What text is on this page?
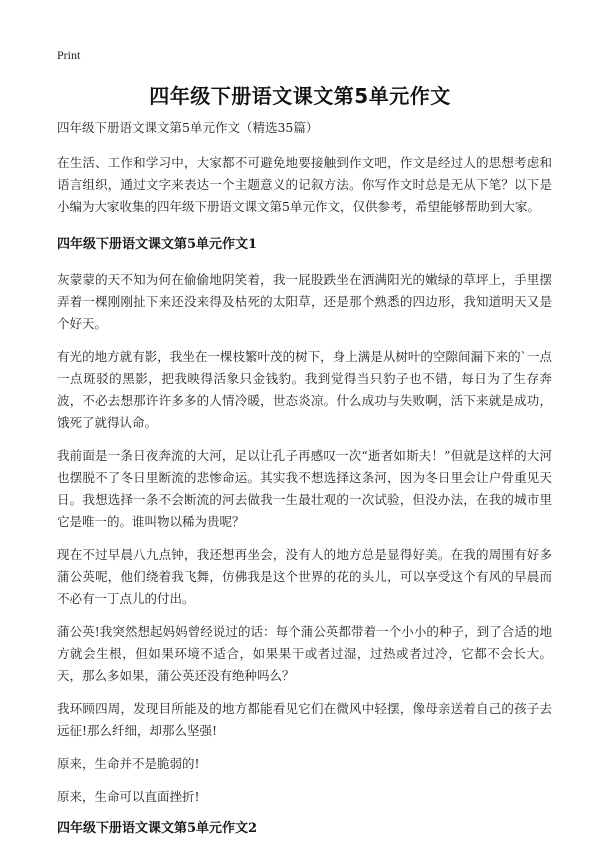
Print
四年级下册语文课文第5单元作文

四年级下册语文课文第5单元作文（精选35篇）

在生活、工作和学习中，大家都不可避免地要接触到作文吧，作文是经过人的思想考虑和语言组织，通过文字来表达一个主题意义的记叙方法。你写作文时总是无从下笔？以下是小编为大家收集的四年级下册语文课文第5单元作文，仅供参考，希望能够帮助到大家。

四年级下册语文课文第5单元作文1

灰蒙蒙的天不知为何在偷偷地阴笑着，我一屁股跌坐在洒满阳光的嫩绿的草坪上，手里摆弄着一棵刚刚扯下来还没来得及枯死的太阳草，还是那个熟悉的四边形，我知道明天又是个好天。

有光的地方就有影，我坐在一棵枝繁叶茂的树下，身上满是从树叶的空隙间漏下来的`一点一点斑驳的黑影，把我映得活象只金钱豹。我到觉得当只豹子也不错，每日为了生存奔波，不必去想那许许多多的人情冷暖，世态炎凉。什么成功与失败啊，活下来就是成功，饿死了就得认命。

我前面是一条日夜奔流的大河，足以让孔子再感叹一次“逝者如斯夫！”但就是这样的大河也摆脱不了冬日里断流的悲惨命运。其实我不想选择这条河，因为冬日里会让户骨重见天日。我想选择一条不会断流的河去做我一生最壮观的一次试验，但没办法，在我的城市里它是唯一的。谁叫物以稀为贵呢？

现在不过早晨八九点钟，我还想再坐会，没有人的地方总是显得好美。在我的周围有好多蒲公英呢，他们绕着我飞舞，仿佛我是这个世界的花的头儿，可以享受这个有风的早晨而不必有一丁点儿的付出。

蒲公英!我突然想起妈妈曾经说过的话：每个蒲公英都带着一个小小的种子，到了合适的地方就会生根，但如果环境不适合，如果果干或者过湿，过热或者过冷，它都不会长大。天，那么多如果，蒲公英还没有绝种吗么？

我环顾四周，发现目所能及的地方都能看见它们在微风中轻摆，像母亲送着自己的孩子去远征!那么纤细，却那么坚强!

原来，生命并不是脆弱的!

原来，生命可以直面挫折!

四年级下册语文课文第5单元作文2
